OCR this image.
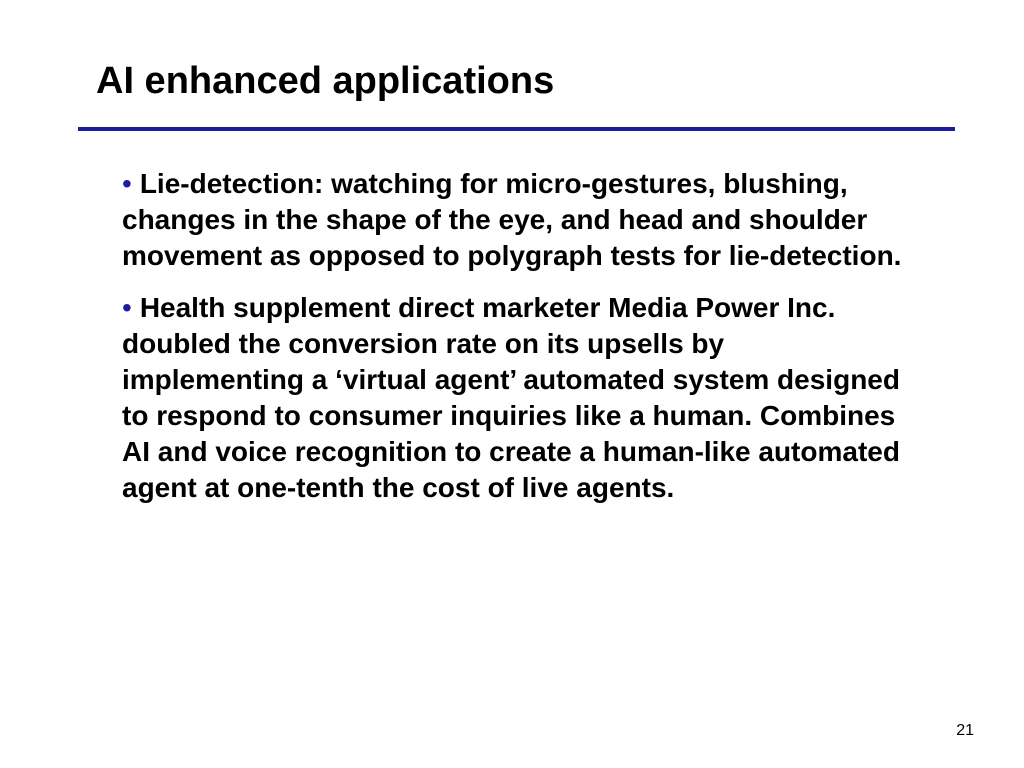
AI enhanced applications
• Lie-detection: watching for micro-gestures, blushing, changes in the shape of the eye, and head and shoulder movement as opposed to polygraph tests for lie-detection.
• Health supplement direct marketer Media Power Inc. doubled the conversion rate on its upsells by implementing a ‘virtual agent’ automated system designed to respond to consumer inquiries like a human. Combines AI and voice recognition to create a human-like automated agent at one-tenth the cost of live agents.
21
